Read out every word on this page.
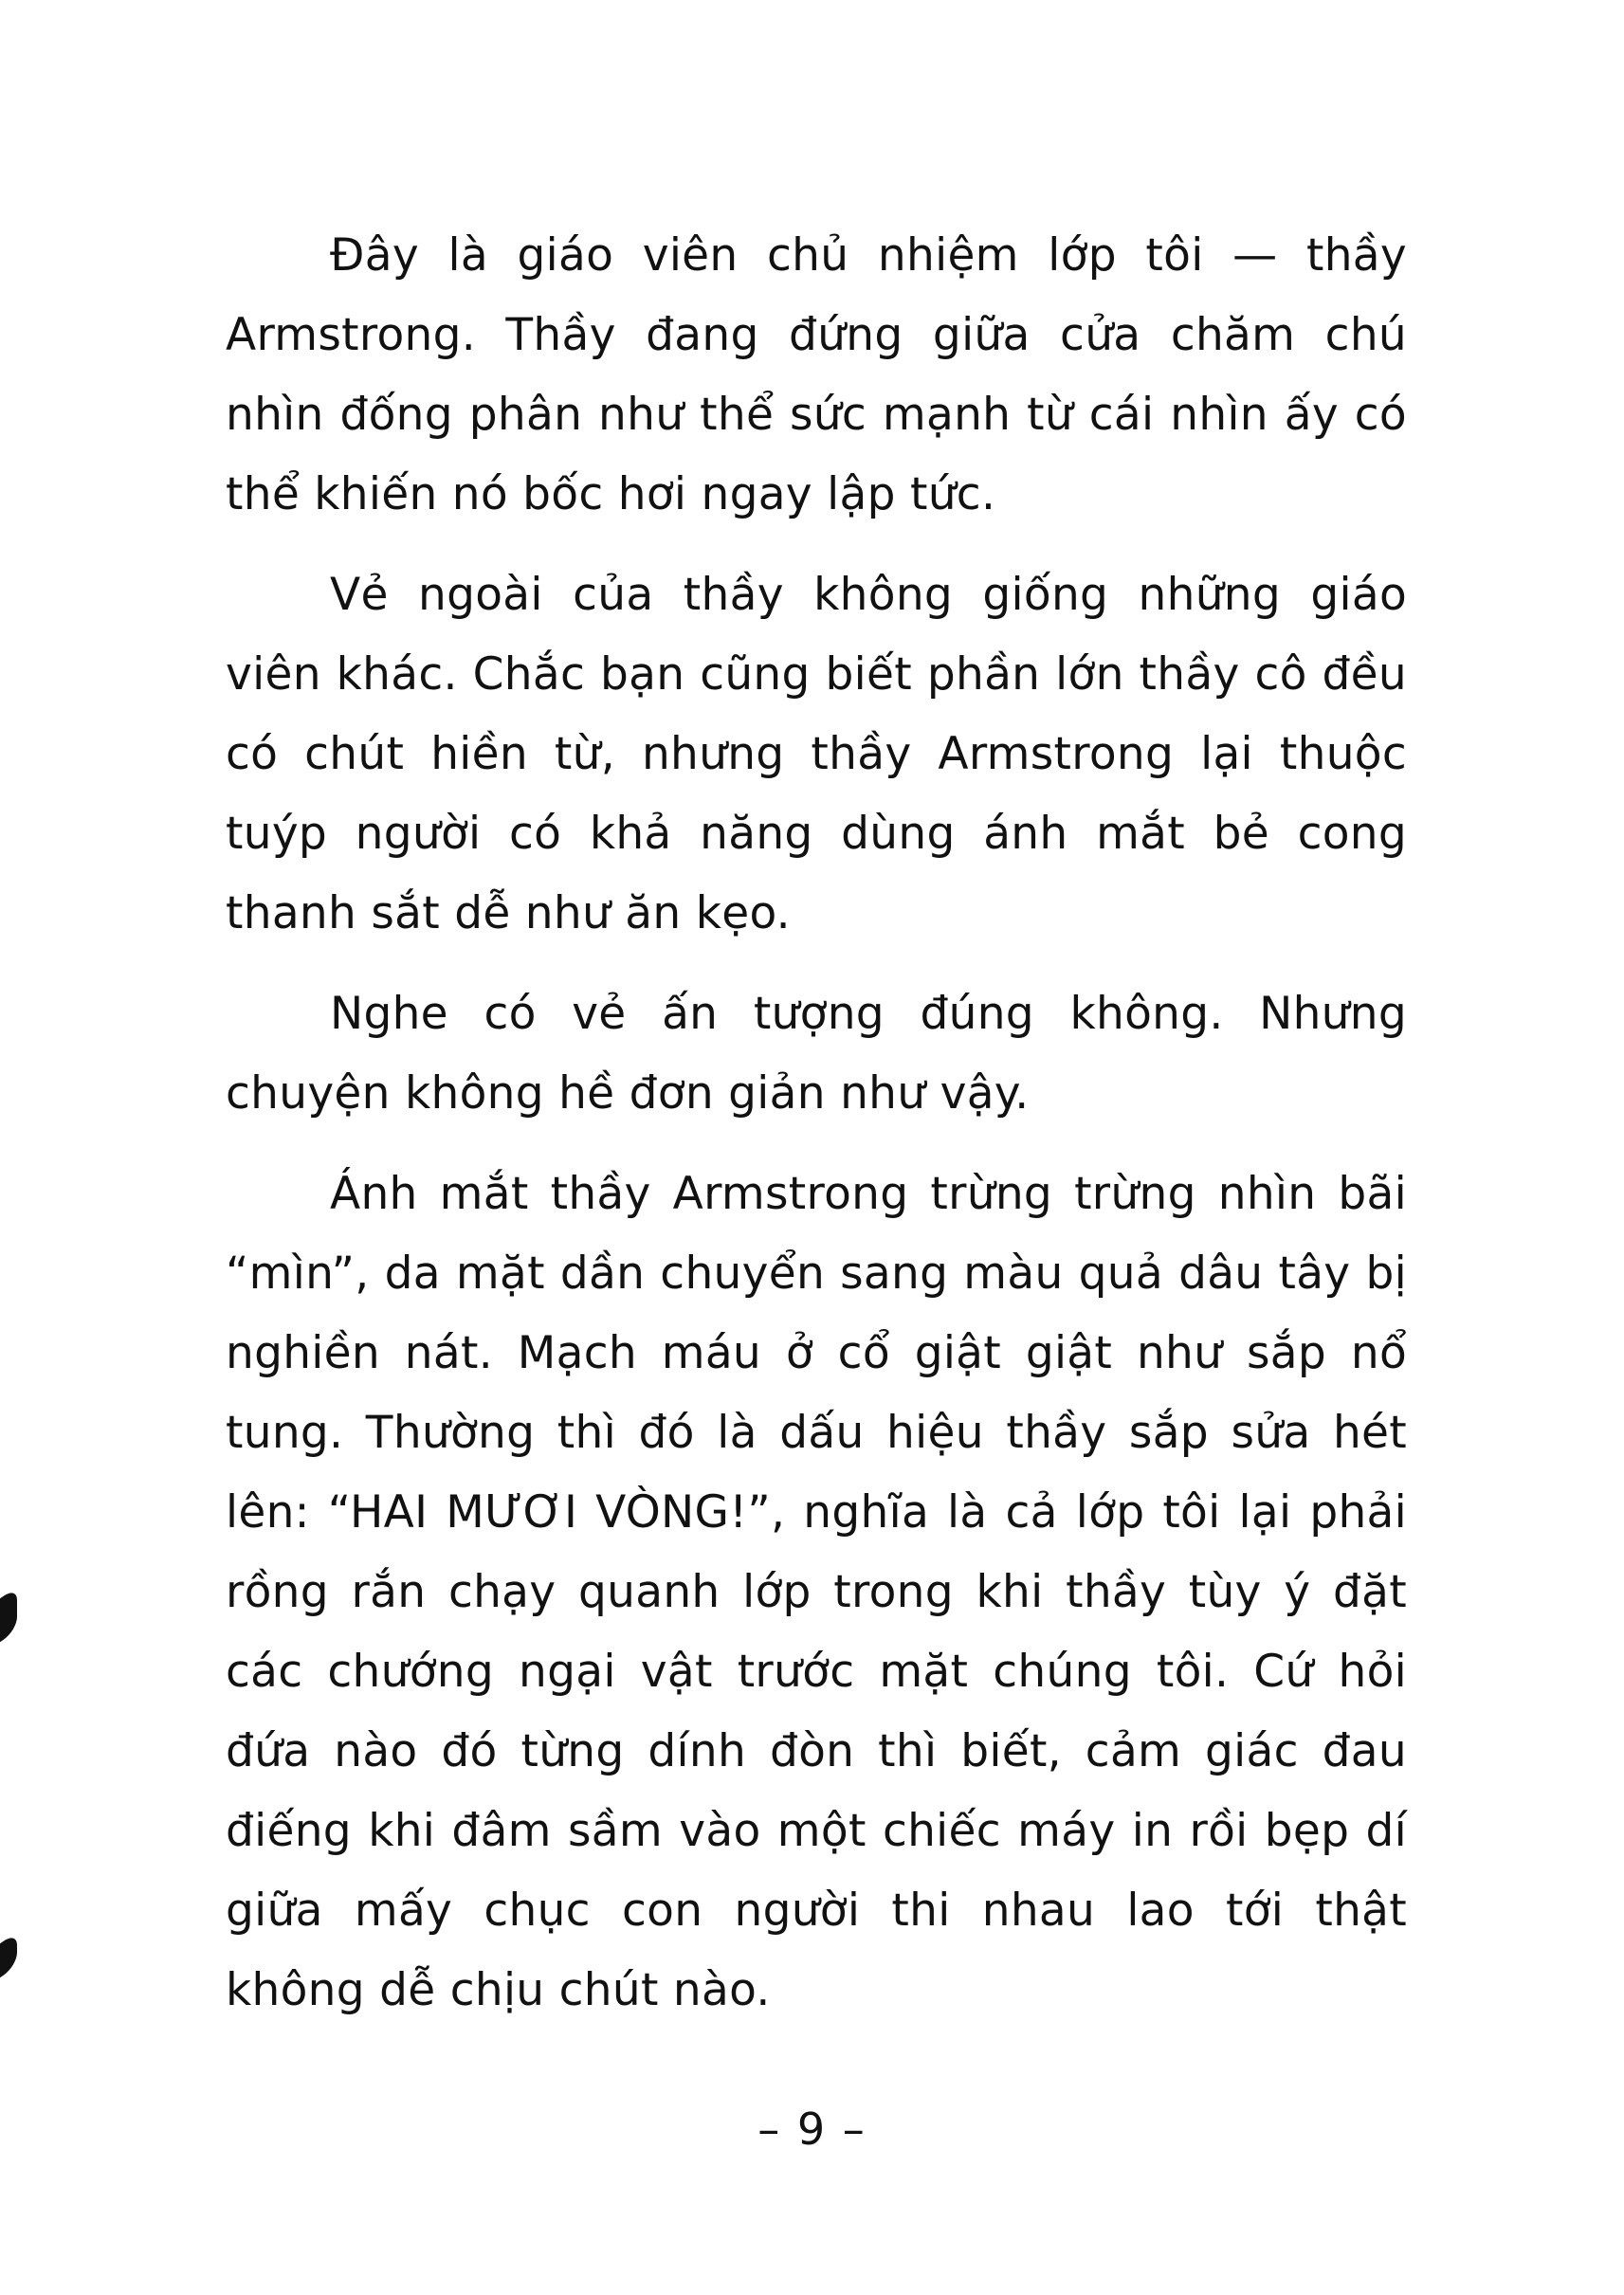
Đây là giáo viên chủ nhiệm lớp tôi — thầy Armstrong. Thầy đang đứng giữa cửa chăm chú nhìn đống phân như thể sức mạnh từ cái nhìn ấy có thể khiến nó bốc hơi ngay lập tức.

Vẻ ngoài của thầy không giống những giáo viên khác. Chắc bạn cũng biết phần lớn thầy cô đều có chút hiền từ, nhưng thầy Armstrong lại thuộc tuýp người có khả năng dùng ánh mắt bẻ cong thanh sắt dễ như ăn kẹo.

Nghe có vẻ ấn tượng đúng không. Nhưng chuyện không hề đơn giản như vậy.

Ánh mắt thầy Armstrong trừng trừng nhìn bãi “mìn”, da mặt dần chuyển sang màu quả dâu tây bị nghiền nát. Mạch máu ở cổ giật giật như sắp nổ tung. Thường thì đó là dấu hiệu thầy sắp sửa hét lên: “HAI MƯƠI VÒNG!”, nghĩa là cả lớp tôi lại phải rồng rắn chạy quanh lớp trong khi thầy tùy ý đặt các chướng ngại vật trước mặt chúng tôi. Cứ hỏi đứa nào đó từng dính đòn thì biết, cảm giác đau điếng khi đâm sầm vào một chiếc máy in rồi bẹp dí giữa mấy chục con người thi nhau lao tới thật không dễ chịu chút nào.

– 9 –
